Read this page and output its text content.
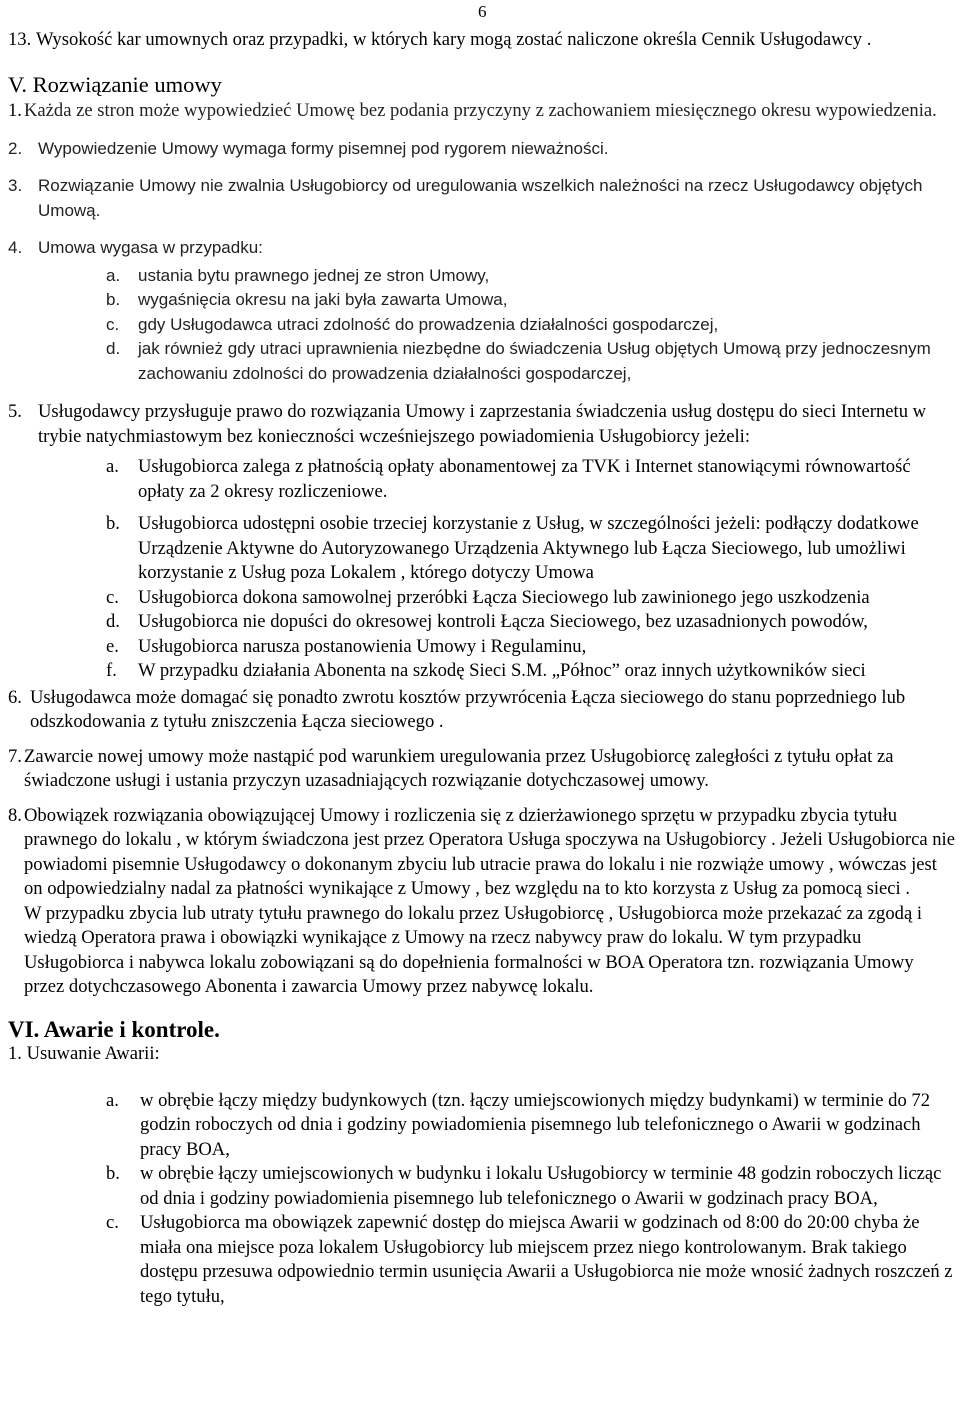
6
13. Wysokość kar umownych oraz przypadki, w których kary mogą zostać naliczone określa Cennik Usługodawcy .
V. Rozwiązanie umowy
1. Każda ze stron może wypowiedzieć Umowę bez podania przyczyny z zachowaniem miesięcznego okresu wypowiedzenia.
2. Wypowiedzenie Umowy wymaga formy pisemnej pod rygorem nieważności.
3. Rozwiązanie Umowy nie zwalnia Usługobiorcy od uregulowania wszelkich należności na rzecz Usługodawcy objętych Umową.
4. Umowa wygasa w przypadku:
a.	ustania bytu prawnego jednej ze stron Umowy,
b.	wygaśnięcia okresu na jaki była zawarta Umowa,
c.	gdy Usługodawca utraci zdolność do prowadzenia działalności gospodarczej,
d.	jak również gdy utraci uprawnienia niezbędne do świadczenia Usług objętych Umową przy jednoczesnym zachowaniu zdolności do prowadzenia działalności gospodarczej,
5. Usługodawcy przysługuje prawo do rozwiązania Umowy i zaprzestania świadczenia usług dostępu do sieci Internetu w trybie natychmiastowym bez konieczności wcześniejszego powiadomienia Usługobiorcy jeżeli:
a.	Usługobiorca zalega z płatnością opłaty abonamentowej za TVK i Internet stanowiącymi równowartość opłaty za 2 okresy rozliczeniowe.
b. Usługobiorca udostępni osobie trzeciej korzystanie z Usług, w szczególności jeżeli: podłączy dodatkowe Urządzenie Aktywne do Autoryzowanego Urządzenia Aktywnego lub Łącza Sieciowego, lub umożliwi korzystanie z Usług poza Lokalem , którego dotyczy Umowa
c.	Usługobiorca dokona samowolnej przeróbki Łącza Sieciowego lub zawinionego jego uszkodzenia
d. Usługobiorca nie dopuści do okresowej kontroli Łącza Sieciowego, bez uzasadnionych powodów,
e.	Usługobiorca narusza postanowienia Umowy i Regulaminu,
f.	W przypadku działania Abonenta na szkodę Sieci S.M. „Północ” oraz innych użytkowników sieci
6. Usługodawca może domagać się ponadto zwrotu kosztów przywrócenia Łącza sieciowego do stanu poprzedniego lub odszkodowania z tytułu zniszczenia Łącza sieciowego .
7. Zawarcie nowej umowy może nastąpić pod warunkiem uregulowania przez Usługobiorcę zaległości z tytułu opłat za świadczone usługi i ustania przyczyn uzasadniających rozwiązanie dotychczasowej umowy.
8. Obowiązek rozwiązania obowiązującej Umowy i rozliczenia się z dzierżawionego sprzętu w przypadku zbycia tytułu prawnego do lokalu , w którym świadczona jest przez Operatora Usługa spoczywa na Usługobiorcy . Jeżeli Usługobiorca nie powiadomi pisemnie Usługodawcy o dokonanym zbyciu lub utracie prawa do lokalu i nie rozwiąże umowy , wówczas jest on odpowiedzialny nadal za płatności wynikające z Umowy , bez względu na to kto korzysta z Usług za pomocą sieci .

W przypadku zbycia lub utraty tytułu prawnego do lokalu przez Usługobiorcę , Usługobiorca może przekazać za zgodą i wiedzą Operatora prawa i obowiązki wynikające z Umowy na rzecz nabywcy praw do lokalu. W tym przypadku Usługobiorca i nabywca lokalu zobowiązani są do dopełnienia formalności w BOA Operatora tzn. rozwiązania Umowy przez dotychczasowego Abonenta i zawarcia Umowy przez nabywcę lokalu.

VI. Awarie i kontrole.

1. Usuwanie Awarii:

a.	w obrębie łączy między budynkowych (tzn. łączy umiejscowionych między budynkami) w terminie do 72 godzin roboczych od dnia i godziny powiadomienia pisemnego lub telefonicznego o Awarii w godzinach pracy BOA,
b.	w obrębie łączy umiejscowionych w budynku i lokalu Usługobiorcy w terminie 48 godzin roboczych licząc od dnia i godziny powiadomienia pisemnego lub telefonicznego o Awarii w godzinach pracy BOA,
c.	Usługobiorca ma obowiązek zapewnić dostęp do miejsca Awarii w godzinach od 8:00 do 20:00 chyba że miała ona miejsce poza lokalem Usługobiorcy lub miejscem przez niego kontrolowanym. Brak takiego dostępu przesuwa odpowiednio termin usunięcia Awarii a Usługobiorca nie może wnosić żadnych roszczeń z tego tytułu,
